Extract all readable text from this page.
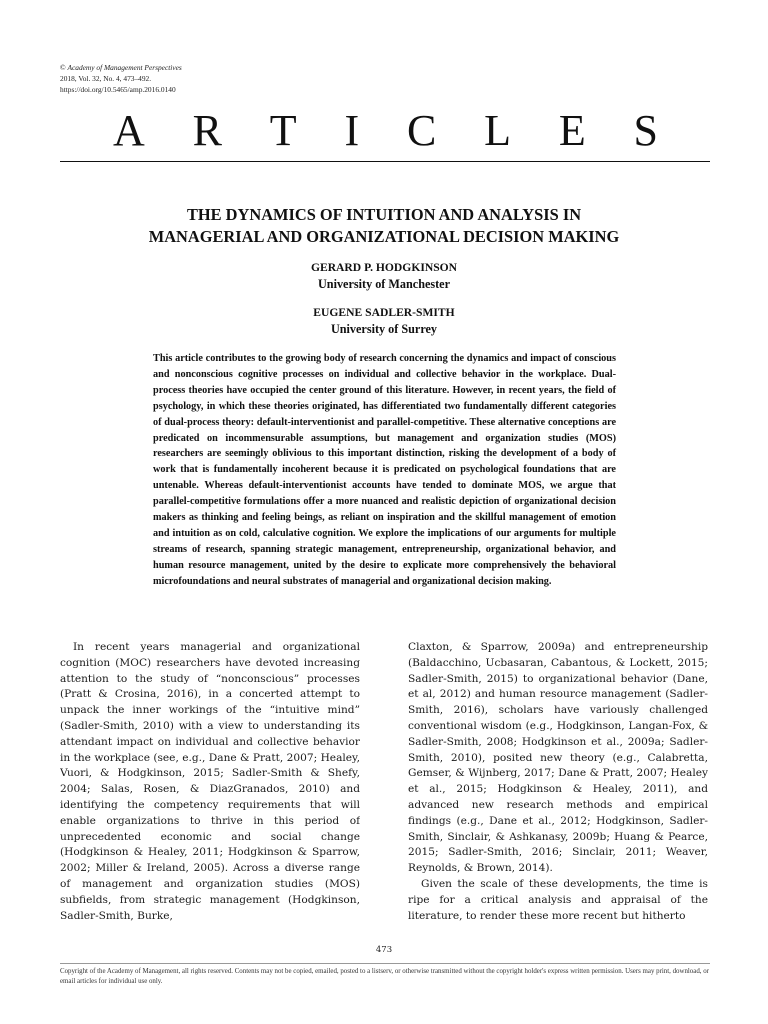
© Academy of Management Perspectives
2018, Vol. 32, No. 4, 473–492.
https://doi.org/10.5465/amp.2016.0140
A R T I C L E S
THE DYNAMICS OF INTUITION AND ANALYSIS IN
MANAGERIAL AND ORGANIZATIONAL DECISION MAKING
GERARD P. HODGKINSON
University of Manchester
EUGENE SADLER-SMITH
University of Surrey
This article contributes to the growing body of research concerning the dynamics and impact of conscious and nonconscious cognitive processes on individual and collective behavior in the workplace. Dual-process theories have occupied the center ground of this literature. However, in recent years, the field of psychology, in which these theories originated, has differentiated two fundamentally different categories of dual-process theory: default-interventionist and parallel-competitive. These alternative conceptions are predicated on incommensurable assumptions, but management and organization studies (MOS) researchers are seemingly oblivious to this important distinction, risking the development of a body of work that is fundamentally incoherent because it is predicated on psychological foundations that are untenable. Whereas default-interventionist accounts have tended to dominate MOS, we argue that parallel-competitive formulations offer a more nuanced and realistic depiction of organizational decision makers as thinking and feeling beings, as reliant on inspiration and the skillful management of emotion and intuition as on cold, calculative cognition. We explore the implications of our arguments for multiple streams of research, spanning strategic management, entrepreneurship, organizational behavior, and human resource management, united by the desire to explicate more comprehensively the behavioral microfoundations and neural substrates of managerial and organizational decision making.

In recent years managerial and organizational cognition (MOC) researchers have devoted increasing attention to the study of “nonconscious” processes (Pratt & Crosina, 2016), in a concerted attempt to unpack the inner workings of the “intuitive mind” (Sadler-Smith, 2010) with a view to understanding its attendant impact on individual and collective behavior in the workplace (see, e.g., Dane & Pratt, 2007; Healey, Vuori, & Hodgkinson, 2015; Sadler-Smith & Shefy, 2004; Salas, Rosen, & DiazGranados, 2010) and identifying the competency requirements that will enable organizations to thrive in this period of unprecedented economic and social change (Hodgkinson & Healey, 2011; Hodgkinson & Sparrow, 2002; Miller & Ireland, 2005). Across a diverse range of management and organization studies (MOS) subfields, from strategic management (Hodgkinson, Sadler-Smith, Burke,

Claxton, & Sparrow, 2009a) and entrepreneurship (Baldacchino, Ucbasaran, Cabantous, & Lockett, 2015; Sadler-Smith, 2015) to organizational behavior (Dane, et al, 2012) and human resource management (Sadler-Smith, 2016), scholars have variously challenged conventional wisdom (e.g., Hodgkinson, Langan-Fox, & Sadler-Smith, 2008; Hodgkinson et al., 2009a; Sadler-Smith, 2010), posited new theory (e.g., Calabretta, Gemser, & Wijnberg, 2017; Dane & Pratt, 2007; Healey et al., 2015; Hodgkinson & Healey, 2011), and advanced new research methods and empirical findings (e.g., Dane et al., 2012; Hodgkinson, Sadler-Smith, Sinclair, & Ashkanasy, 2009b; Huang & Pearce, 2015; Sadler-Smith, 2016; Sinclair, 2011; Weaver, Reynolds, & Brown, 2014).

Given the scale of these developments, the time is ripe for a critical analysis and appraisal of the literature, to render these more recent but hitherto

473
Copyright of the Academy of Management, all rights reserved. Contents may not be copied, emailed, posted to a listserv, or otherwise transmitted without the copyright holder's express written permission. Users may print, download, or email articles for individual use only.
